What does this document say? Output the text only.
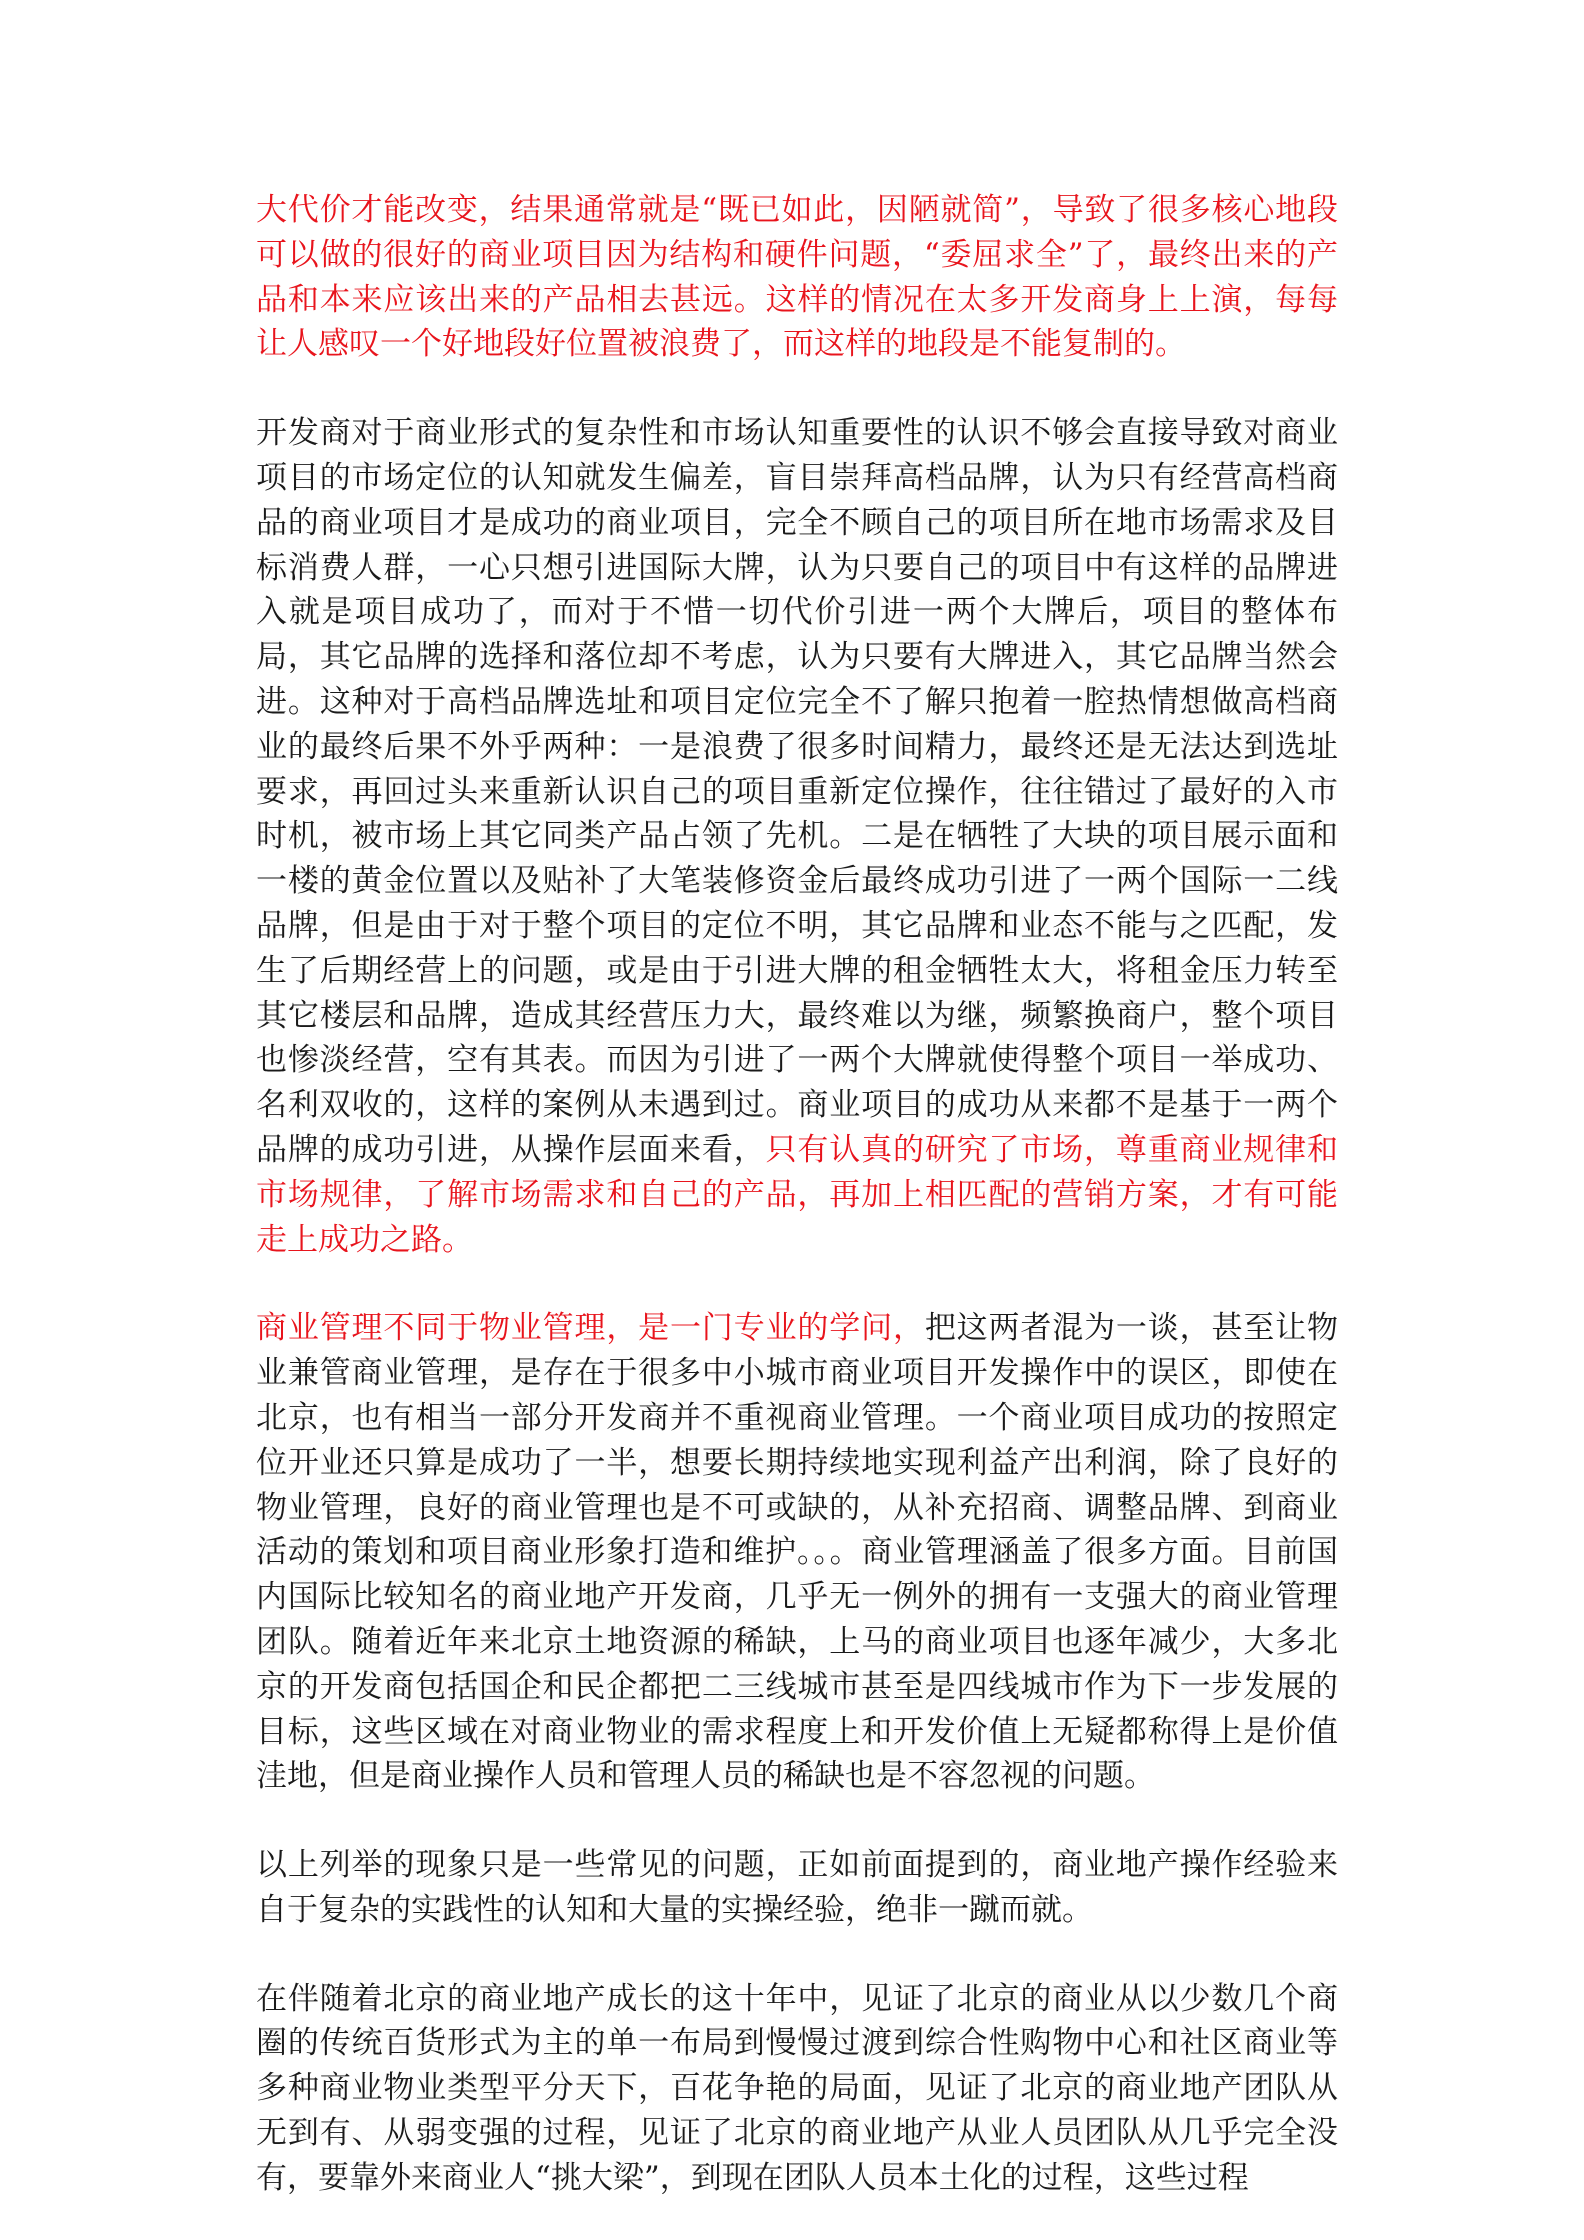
大代价才能改变，结果通常就是“既已如此，因陋就简”，导致了很多核心地段可以做的很好的商业项目因为结构和硬件问题，“委屈求全”了，最终出来的产品和本来应该出来的产品相去甚远。这样的情况在太多开发商身上上演，每每让人感叹一个好地段好位置被浪费了，而这样的地段是不能复制的。

开发商对于商业形式的复杂性和市场认知重要性的认识不够会直接导致对商业项目的市场定位的认知就发生偏差，盲目崇拜高档品牌，认为只有经营高档商品的商业项目才是成功的商业项目，完全不顾自己的项目所在地市场需求及目标消费人群，一心只想引进国际大牌，认为只要自己的项目中有这样的品牌进入就是项目成功了，而对于不惜一切代价引进一两个大牌后，项目的整体布局，其它品牌的选择和落位却不考虑，认为只要有大牌进入，其它品牌当然会进。这种对于高档品牌选址和项目定位完全不了解只抱着一腔热情想做高档商业的最终后果不外乎两种：一是浪费了很多时间精力，最终还是无法达到选址要求，再回过头来重新认识自己的项目重新定位操作，往往错过了最好的入市时机，被市场上其它同类产品占领了先机。二是在牺牲了大块的项目展示面和一楼的黄金位置以及贴补了大笔装修资金后最终成功引进了一两个国际一二线品牌，但是由于对于整个项目的定位不明，其它品牌和业态不能与之匹配，发生了后期经营上的问题，或是由于引进大牌的租金牺牲太大，将租金压力转至其它楼层和品牌，造成其经营压力大，最终难以为继，频繁换商户，整个项目也惨淡经营，空有其表。而因为引进了一两个大牌就使得整个项目一举成功、名利双收的，这样的案例从未遇到过。商业项目的成功从来都不是基于一两个品牌的成功引进，从操作层面来看，只有认真的研究了市场，尊重商业规律和市场规律，了解市场需求和自己的产品，再加上相匹配的营销方案，才有可能走上成功之路。

商业管理不同于物业管理，是一门专业的学问，把这两者混为一谈，甚至让物业兼管商业管理，是存在于很多中小城市商业项目开发操作中的误区，即使在北京，也有相当一部分开发商并不重视商业管理。一个商业项目成功的按照定位开业还只算是成功了一半，想要长期持续地实现利益产出利润，除了良好的物业管理，良好的商业管理也是不可或缺的，从补充招商、调整品牌、到商业活动的策划和项目商业形象打造和维护。。。商业管理涵盖了很多方面。目前国内国际比较知名的商业地产开发商，几乎无一例外的拥有一支强大的商业管理团队。随着近年来北京土地资源的稀缺，上马的商业项目也逐年减少，大多北京的开发商包括国企和民企都把二三线城市甚至是四线城市作为下一步发展的目标，这些区域在对商业物业的需求程度上和开发价值上无疑都称得上是价值洼地，但是商业操作人员和管理人员的稀缺也是不容忽视的问题。

以上列举的现象只是一些常见的问题，正如前面提到的，商业地产操作经验来自于复杂的实践性的认知和大量的实操经验，绝非一蹴而就。

在伴随着北京的商业地产成长的这十年中，见证了北京的商业从以少数几个商圈的传统百货形式为主的单一布局到慢慢过渡到综合性购物中心和社区商业等多种商业物业类型平分天下，百花争艳的局面，见证了北京的商业地产团队从无到有、从弱变强的过程，见证了北京的商业地产从业人员团队从几乎完全没有，要靠外来商业人“挑大梁”，到现在团队人员本土化的过程，这些过程
